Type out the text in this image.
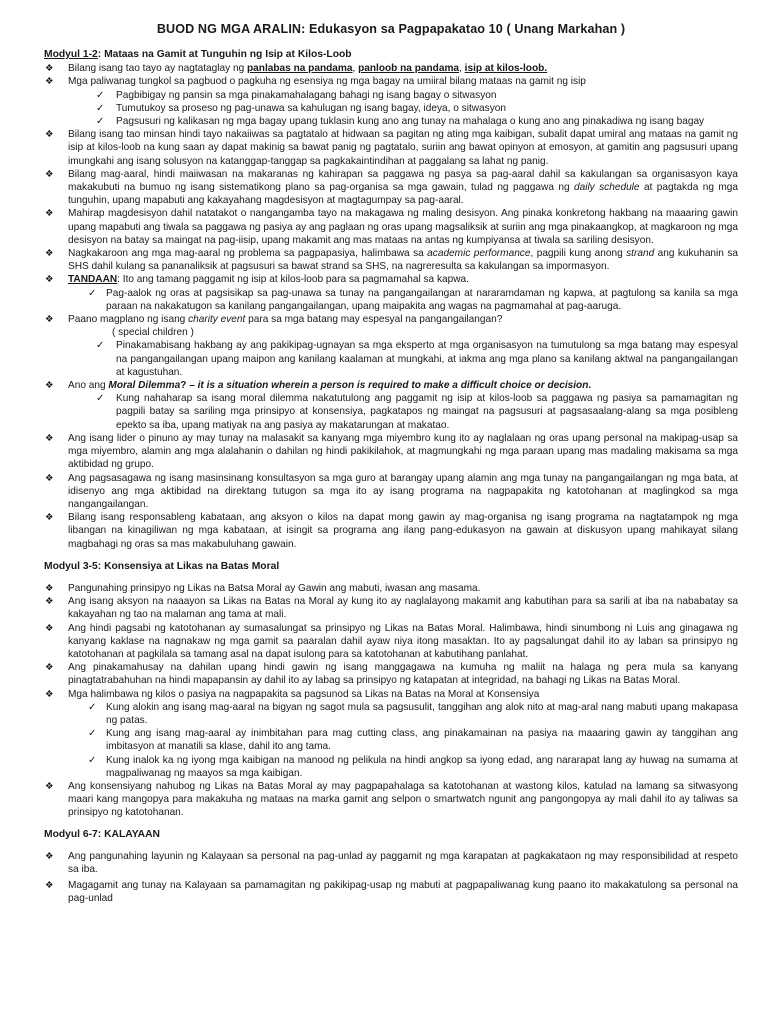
BUOD NG MGA ARALIN: Edukasyon sa Pagpapakatao 10 ( Unang Markahan )
Modyul 1-2: Mataas na Gamit at Tunguhin ng Isip at Kilos-Loob
❖ Bilang isang tao tayo ay nagtataglay ng panlabas na pandama, panloob na pandama, isip at kilos-loob.
❖ Mga paliwanag tungkol sa pagbuod o pagkuha ng esensiya ng mga bagay na umiiral bilang mataas na gamit ng isip
✓ Pagbibigay ng pansin sa mga pinakamahalagang bahagi ng isang bagay o sitwasyon
✓ Tumutukoy sa proseso ng pag-unawa sa kahulugan ng isang bagay, ideya, o sitwasyon
✓ Pagsusuri ng kalikasan ng mga bagay upang tuklasin kung ano ang tunay na mahalaga o kung ano ang pinakadiwa ng isang bagay
❖ Bilang isang tao minsan hindi tayo nakaiiwas sa pagtatalo at hidwaan sa pagitan ng ating mga kaibigan, subalit dapat umiral ang mataas na gamit ng isip at kilos-loob na kung saan ay dapat makinig sa bawat panig ng pagtatalo, suriin ang bawat opinyon at emosyon, at gamitin ang pagsusuri upang imungkahi ang isang solusyon na katanggap-tanggap sa pagkakaintindihan at paggalang sa lahat ng panig.
❖ Bilang mag-aaral, hindi maiiwasan na makaranas ng kahirapan sa paggawa ng pasya sa pag-aaral dahil sa kakulangan sa organisasyon kaya makakubuti na bumuo ng isang sistematikong plano sa pag-organisa sa mga gawain, tulad ng paggawa ng daily schedule at pagtakda ng mga tunguhin, upang mapabuti ang kakayahang magdesisyon at magtagumpay sa pag-aaral.
❖ Mahirap magdesisyon dahil natatakot o nangangamba tayo na makagawa ng maling desisyon. Ang pinaka konkretong hakbang na maaaring gawin upang mapabuti ang tiwala sa paggawa ng pasiya ay ang paglaan ng oras upang magsaliksik at suriin ang mga pinakaangkop, at magkaroon ng mga desisyon na batay sa maingat na pag-iisip, upang makamit ang mas mataas na antas ng kumpiyansa at tiwala sa sariling desisyon.
❖ Nagkakaroon ang mga mag-aaral ng problema sa pagpapasiya, halimbawa sa academic performance, pagpili kung anong strand ang kukuhanin sa SHS dahil kulang sa pananaliksik at pagsusuri sa bawat strand sa SHS, na nagreresulta sa kakulangan sa impormasyon.
❖ TANDAAN: Ito ang tamang paggamit ng isip at kilos-loob para sa pagmamahal sa kapwa.
✓ Pag-aalok ng oras at pagsisikap sa pag-unawa sa tunay na pangangailangan at nararamdaman ng kapwa, at pagtulong sa kanila sa mga paraan na nakakatugon sa kanilang pangangailangan, upang maipakita ang wagas na pagmamahal at pag-aaruga.
❖ Paano magplano ng isang charity event para sa mga batang may espesyal na pangangailangan?
( special children )
✓ Pinakamabisang hakbang ay ang pakikipag-ugnayan sa mga eksperto at mga organisasyon na tumutulong sa mga batang may espesyal na pangangailangan upang maipon ang kanilang kaalaman at mungkahi, at iakma ang mga plano sa kanilang aktwal na pangangailangan at kagustuhan.
❖ Ano ang Moral Dilemma? – it is a situation wherein a person is required to make a difficult choice or decision.
✓ Kung nahaharap sa isang moral dilemma nakatutulong ang paggamit ng isip at kilos-loob sa paggawa ng pasiya sa pamamagitan ng pagpili batay sa sariling mga prinsipyo at konsensiya, pagkatapos ng maingat na pagsusuri at pagsasaalang-alang sa mga posibleng epekto sa iba, upang matiyak na ang pasiya ay makatarungan at makatao.
❖ Ang isang lider o pinuno ay may tunay na malasakit sa kanyang mga miyembro kung ito ay naglalaan ng oras upang personal na makipag-usap sa mga miyembro, alamin ang mga alalahanin o dahilan ng hindi pakikilahok, at magmungkahi ng mga paraan upang mas madaling makisama sa mga aktibidad ng grupo.
❖ Ang pagsasagawa ng isang masinsinang konsultasyon sa mga guro at barangay upang alamin ang mga tunay na pangangailangan ng mga bata, at idisenyo ang mga aktibidad na direktang tutugon sa mga ito ay isang programa na nagpapakita ng katotohanan at maglingkod sa mga nangangailangan.
❖ Bilang isang responsableng kabataan, ang aksyon o kilos na dapat mong gawin ay mag-organisa ng isang programa na nagtatampok ng mga libangan na kinagiliwan ng mga kabataan, at isingit sa programa ang ilang pang-edukasyon na gawain at diskusyon upang mahikayat silang magbahagi ng oras sa mas makabuluhang gawain.
Modyul 3-5: Konsensiya at Likas na Batas Moral
❖ Pangunahing prinsipyo ng Likas na Batsa Moral ay Gawin ang mabuti, iwasan ang masama.
❖ Ang isang aksyon na naaayon sa Likas na Batas na Moral ay kung ito ay naglalayong makamit ang kabutihan para sa sarili at iba na nababatay sa kakayahan ng tao na malaman ang tama at mali.
❖ Ang hindi pagsabi ng katotohanan ay sumasalungat sa prinsipyo ng Likas na Batas Moral. Halimbawa, hindi sinumbong ni Luis ang ginagawa ng kanyang kaklase na nagnakaw ng mga gamit sa paaralan dahil ayaw niya itong masaktan. Ito ay pagsalungat dahil ito ay laban sa prinsipyo ng katotohanan at pagkilala sa tamang asal na dapat isulong para sa katotohanan at kabutihang panlahat.
❖ Ang pinakamahusay na dahilan upang hindi gawin ng isang manggagawa na kumuha ng maliit na halaga ng pera mula sa kanyang pinagtatrabahuhan na hindi mapapansin ay dahil ito ay labag sa prinsipyo ng katapatan at integridad, na bahagi ng Likas na Batas Moral.
❖ Mga halimbawa ng kilos o pasiya na nagpapakita sa pagsunod sa Likas na Batas na Moral at Konsensiya
✓ Kung alokin ang isang mag-aaral na bigyan ng sagot mula sa pagsusulit, tanggihan ang alok nito at mag-aral nang mabuti upang makapasa ng patas.
✓ Kung ang isang mag-aaral ay inimbitahan para mag cutting class, ang pinakamainan na pasiya na maaaring gawin ay tanggihan ang imbitasyon at manatili sa klase, dahil ito ang tama.
✓ Kung inalok ka ng iyong mga kaibigan na manood ng pelikula na hindi angkop sa iyong edad, ang nararapat lang ay huwag na sumama at magpaliwanag ng maayos sa mga kaibigan.
❖ Ang konsensiyang nahubog ng Likas na Batas Moral ay may pagpapahalaga sa katotohanan at wastong kilos, katulad na lamang sa sitwasyong maari kang mangopya para makakuha ng mataas na marka gamit ang selpon o smartwatch ngunit ang pangongopya ay mali dahil ito ay taliwas sa prinsipyo ng katotohanan.
Modyul 6-7: KALAYAAN
❖ Ang pangunahing layunin ng Kalayaan sa personal na pag-unlad ay paggamit ng mga karapatan at pagkakataon ng may responsibilidad at respeto sa iba.
❖ Magagamit ang tunay na Kalayaan sa pamamagitan ng pakikipag-usap ng mabuti at pagpapaliwanag kung paano ito makakatulong sa personal na pag-unlad
